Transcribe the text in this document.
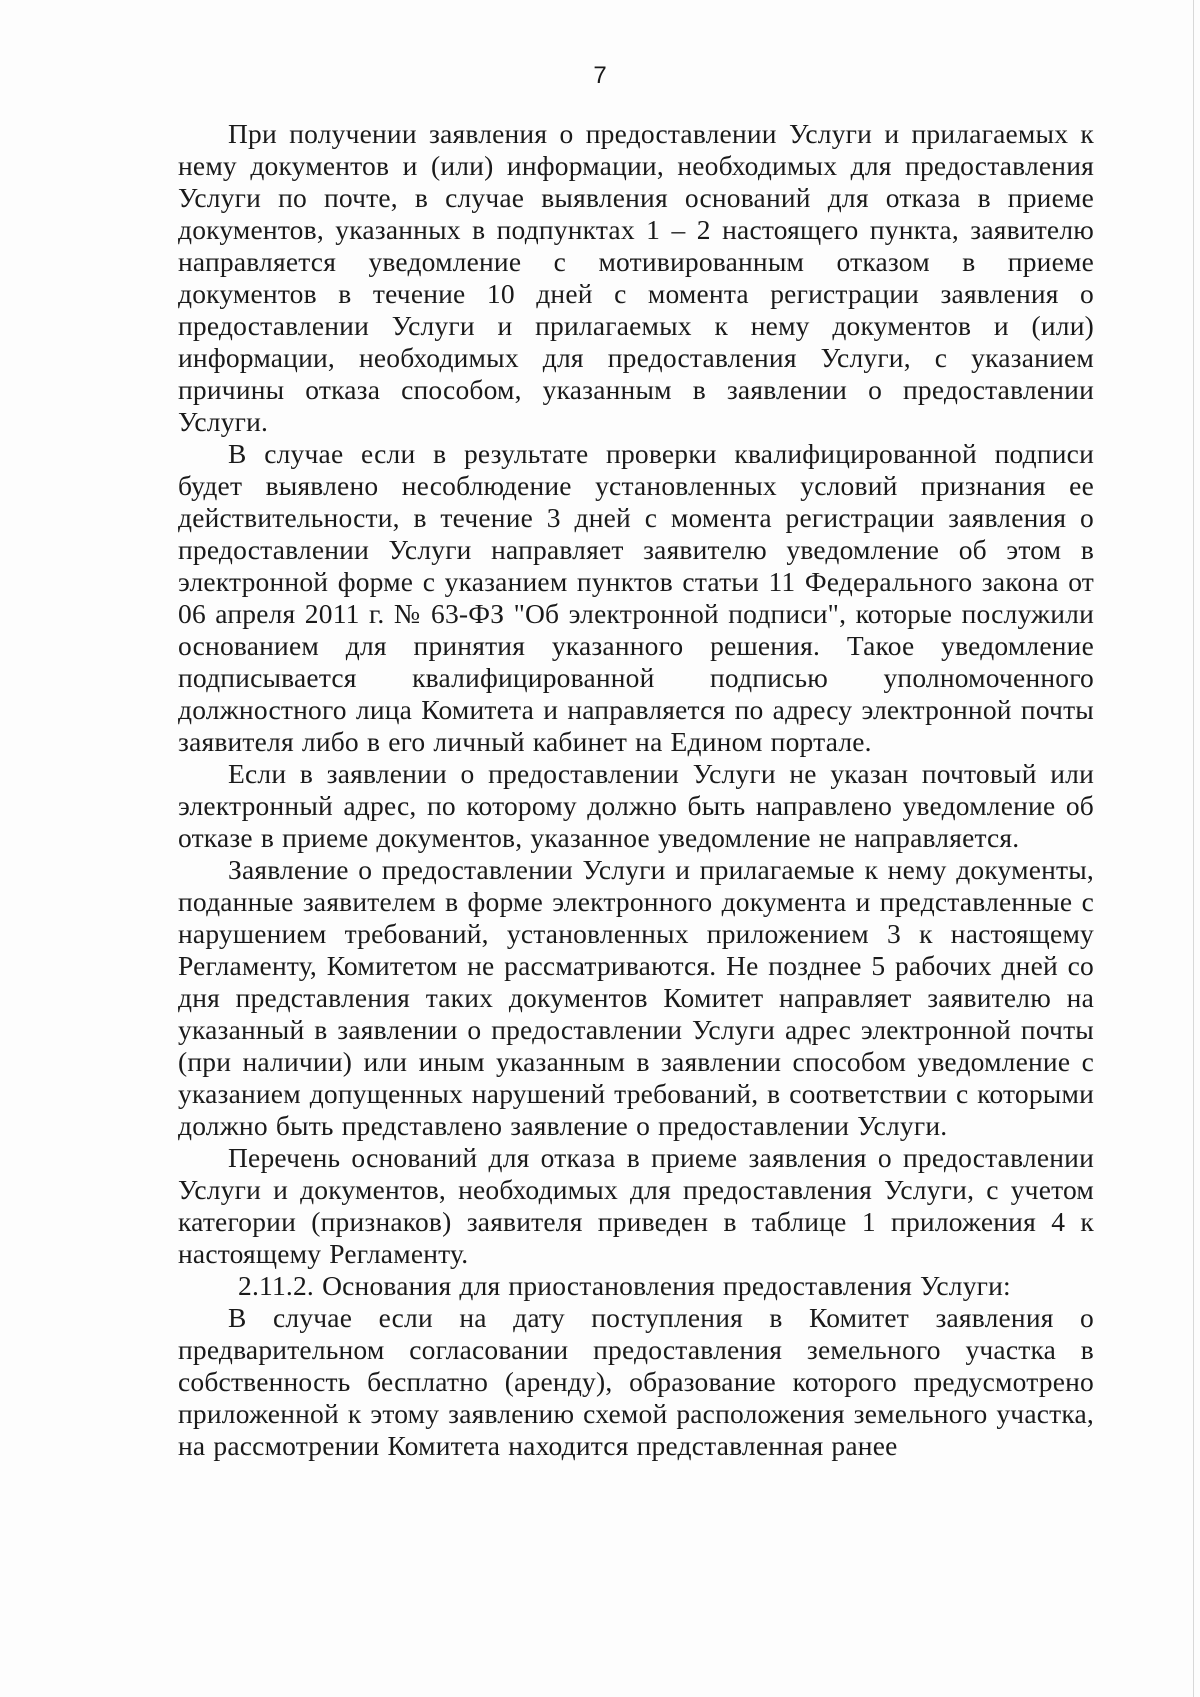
7

При получении заявления о предоставлении Услуги и прилагаемых к нему документов и (или) информации, необходимых для предоставления Услуги по почте, в случае выявления оснований для отказа в приеме документов, указанных в подпунктах 1 – 2 настоящего пункта, заявителю направляется уведомление с мотивированным отказом в приеме документов в течение 10 дней с момента регистрации заявления о предоставлении Услуги и прилагаемых к нему документов и (или) информации, необходимых для предоставления Услуги, с указанием причины отказа способом, указанным в заявлении о предоставлении Услуги.

В случае если в результате проверки квалифицированной подписи будет выявлено несоблюдение установленных условий признания ее действительности, в течение 3 дней с момента регистрации заявления о предоставлении Услуги направляет заявителю уведомление об этом в электронной форме с указанием пунктов статьи 11 Федерального закона от 06 апреля 2011 г. № 63-ФЗ "Об электронной подписи", которые послужили основанием для принятия указанного решения. Такое уведомление подписывается квалифицированной подписью уполномоченного должностного лица Комитета и направляется по адресу электронной почты заявителя либо в его личный кабинет на Едином портале.

Если в заявлении о предоставлении Услуги не указан почтовый или электронный адрес, по которому должно быть направлено уведомление об отказе в приеме документов, указанное уведомление не направляется.

Заявление о предоставлении Услуги и прилагаемые к нему документы, поданные заявителем в форме электронного документа и представленные с нарушением требований, установленных приложением 3 к настоящему Регламенту, Комитетом не рассматриваются. Не позднее 5 рабочих дней со дня представления таких документов Комитет направляет заявителю на указанный в заявлении о предоставлении Услуги адрес электронной почты (при наличии) или иным указанным в заявлении способом уведомление с указанием допущенных нарушений требований, в соответствии с которыми должно быть представлено заявление о предоставлении Услуги.

Перечень оснований для отказа в приеме заявления о предоставлении Услуги и документов, необходимых для предоставления Услуги, с учетом категории (признаков) заявителя приведен в таблице 1 приложения 4 к настоящему Регламенту.

2.11.2. Основания для приостановления предоставления Услуги:

В случае если на дату поступления в Комитет заявления о предварительном согласовании предоставления земельного участка в собственность бесплатно (аренду), образование которого предусмотрено приложенной к этому заявлению схемой расположения земельного участка, на рассмотрении Комитета находится представленная ранее
